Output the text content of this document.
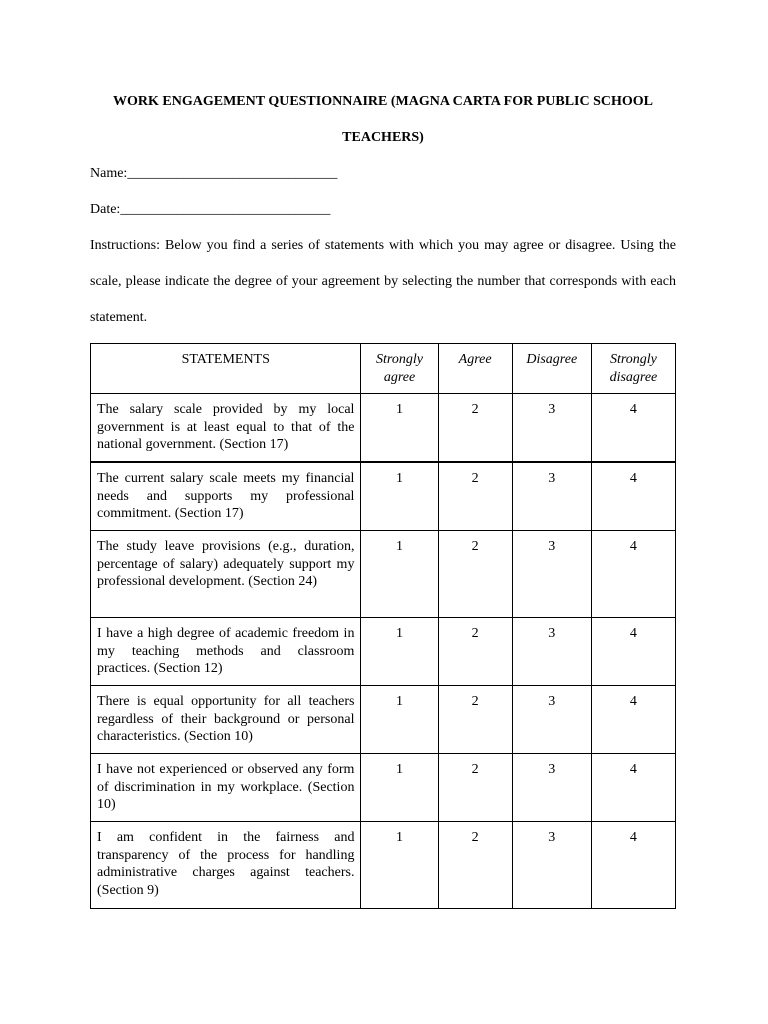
WORK ENGAGEMENT QUESTIONNAIRE (MAGNA CARTA FOR PUBLIC SCHOOL
TEACHERS)
Name:______________________________
Date:______________________________
Instructions: Below you find a series of statements with which you may agree or disagree. Using the scale, please indicate the degree of your agreement by selecting the number that corresponds with each statement.
STATEMENTS	Strongly agree	Agree	Disagree	Strongly disagree
The salary scale provided by my local government is at least equal to that of the national government. (Section 17)	1	2	3	4
The current salary scale meets my financial needs and supports my professional commitment. (Section 17)	1	2	3	4
The study leave provisions (e.g., duration, percentage of salary) adequately support my professional development. (Section 24)	1	2	3	4
I have a high degree of academic freedom in my teaching methods and classroom practices. (Section 12)	1	2	3	4
There is equal opportunity for all teachers regardless of their background or personal characteristics. (Section 10)	1	2	3	4
I have not experienced or observed any form of discrimination in my workplace. (Section 10)	1	2	3	4
I am confident in the fairness and transparency of the process for handling administrative charges against teachers. (Section 9)	1	2	3	4
